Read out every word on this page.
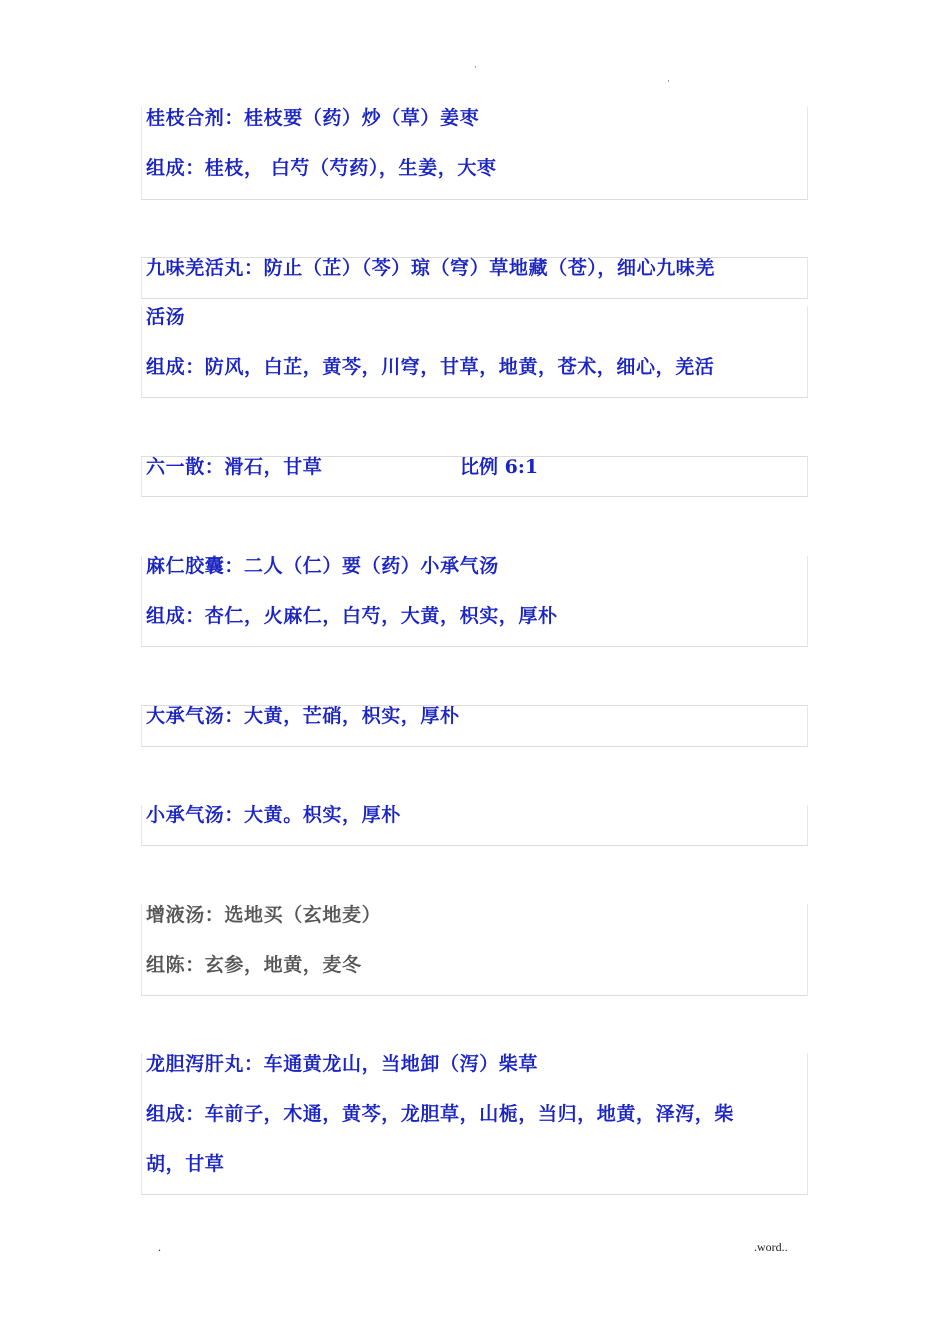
·
·
桂枝合剂：桂枝要（药）炒（草）姜枣
组成：桂枝， 白芍（芍药），生姜，大枣
九味羌活丸：防止（芷）（芩）琼（穹）草地藏（苍），细心九味羌
活汤
组成：防风，白芷，黄芩，川穹，甘草，地黄，苍术，细心，羌活
六一散：滑石，甘草	比例 6:1
麻仁胶囊：二人（仁）要（药）小承气汤
组成：杏仁，火麻仁，白芍，大黄，枳实，厚朴
大承气汤：大黄，芒硝，枳实，厚朴
小承气汤：大黄。枳实，厚朴
增液汤：选地买（玄地麦）
组陈：玄参，地黄，麦冬
龙胆泻肝丸：车通黄龙山，当地卸（泻）柴草
组成：车前子，木通，黄芩，龙胆草，山栀，当归，地黄，泽泻，柴
胡，甘草
.	.word..
